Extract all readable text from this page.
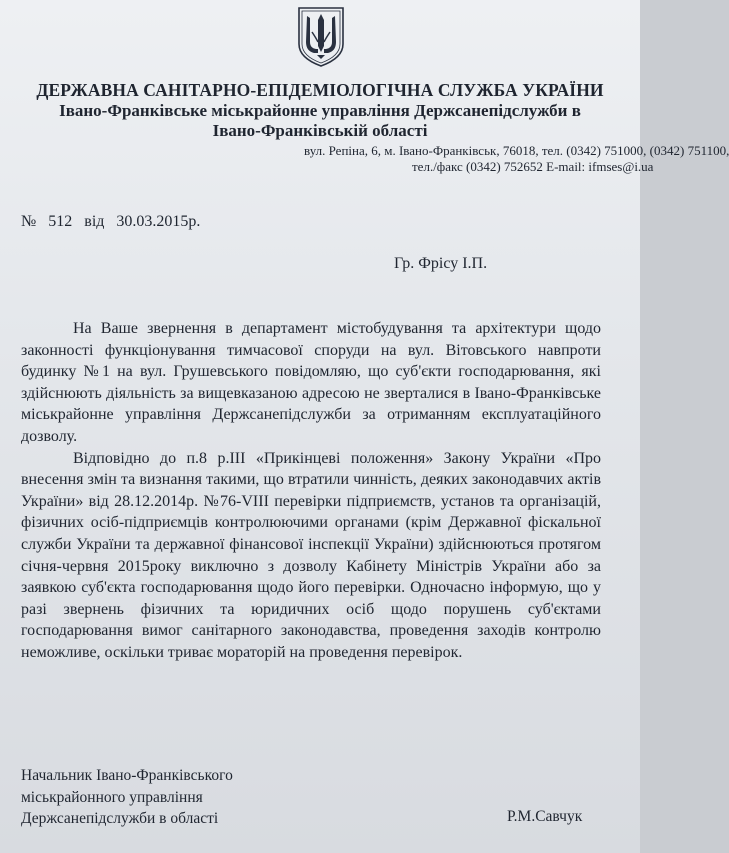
ДЕРЖАВНА САНІТАРНО-ЕПІДЕМІОЛОГІЧНА СЛУЖБА УКРАЇНИ
Івано-Франківське міськрайонне управління Держсанепідслужби в
Івано-Франківській області
вул. Репіна, 6, м. Івано-Франківськ, 76018, тел. (0342) 751000, (0342) 751100,
тел./факс (0342) 752652 E-mail: ifmses@i.ua
№ 512 від 30.03.2015р.
Гр. Фрісу І.П.

На Ваше звернення в департамент містобудування та архітектури щодо законності функціонування тимчасової споруди на вул. Вітовського навпроти будинку №1 на вул. Грушевського повідомляю, що суб'єкти господарювання, які здійснюють діяльність за вищевказаною адресою не зверталися в Івано-Франківське міськрайонне управління Держсанепідслужби за отриманням експлуатаційного дозволу.

Відповідно до п.8 р.ІІІ «Прикінцеві положення» Закону України «Про внесення змін та визнання такими, що втратили чинність, деяких законодавчих актів України» від 28.12.2014р. №76-VIII перевірки підприємств, установ та організацій, фізичних осіб-підприємців контролюючими органами (крім Державної фіскальної служби України та державної фінансової інспекції України) здійснюються протягом січня-червня 2015року виключно з дозволу Кабінету Міністрів України або за заявкою суб'єкта господарювання щодо його перевірки. Одночасно інформую, що у разі звернень фізичних та юридичних осіб щодо порушень суб'єктами господарювання вимог санітарного законодавства, проведення заходів контролю неможливе, оскільки триває мораторій на проведення перевірок.

Начальник Івано-Франківського
міськрайонного управління
Держсанепідслужби в області	Р.М.Савчук
